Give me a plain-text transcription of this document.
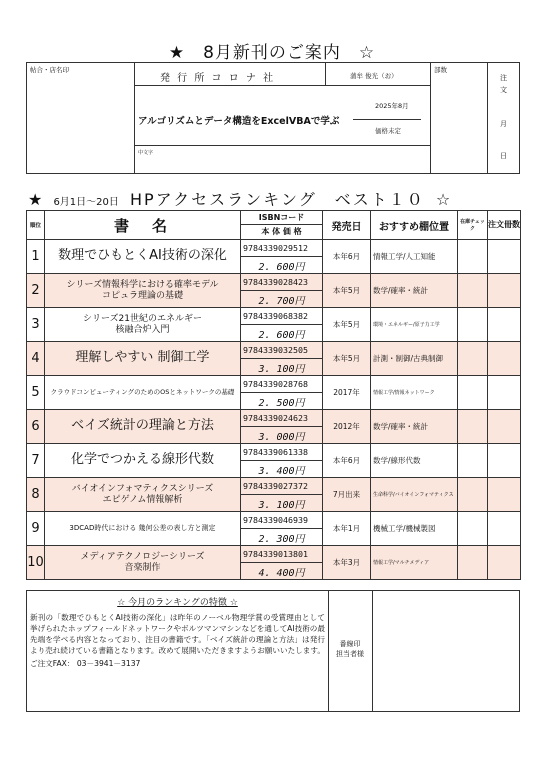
★　8月新刊のご案内　☆
帖合・店名印
発 行 所 コ ロ ナ 社	蒲牟 俊光（お）
アルゴリズムとデータ構造をExcelVBAで学ぶ
2025年8月
価格未定
中文字
部数
注
文
月
日
★ 6月1日～20日 HPアクセスランキング　ベスト１０ ☆
順位	書　名	ISBNコード
本 体 価 格	発売日	おすすめ棚位置	在庫チェック	注文冊数
1	数理でひもとくAI技術の深化	9784339029512	本年6月	情報工学/人工知能		
		2. 600円				
2	シリーズ情報科学における確率モデル
コピュラ理論の基礎	9784339028423	本年5月	数学/確率・統計		
		2. 700円				
3	シリーズ21世紀のエネルギー
核融合炉入門	9784339068382	本年5月	環境・エネルギー/原子力工学		
		2. 600円				
4	理解しやすい 制御工学	9784339032505	本年5月	計測・制御/古典制御		
		3. 100円				
5	クラウドコンピューティングのためのOSとネットワークの基礎	9784339028768	2017年	情報工学/情報ネットワーク		
		2. 500円				
6	ベイズ統計の理論と方法	9784339024623	2012年	数学/確率・統計		
		3. 000円				
7	化学でつかえる線形代数	9784339061338	本年6月	数学/線形代数		
		3. 400円				
8	バイオインフォマティクスシリーズ
エピゲノム情報解析	9784339027372	7月出来	生命科学/バイオインフォマティクス		
		3. 100円				
9	3DCAD時代における 幾何公差の表し方と測定	9784339046939	本年1月	機械工学/機械製図		
		2. 300円				
10	メディアテクノロジーシリーズ
音楽制作	9784339013801	本年3月	情報工学/マルチメディア		
		4. 400円				
☆ 今月のランキングの特徴 ☆
新刊の「数理でひもとくAI技術の深化」は昨年のノーベル物理学賞の受賞理由として挙げられたホップフィールドネットワークやボルツマンマシンなどを通してAI技術の最先端を学べる内容となっており、注目の書籍です。「ベイズ統計の理論と方法」は発行より売れ続けている書籍となります。改めて展開いただきますようお願いいたします。
ご注文FAX： 03－3941－3137
番線印
担当者様
